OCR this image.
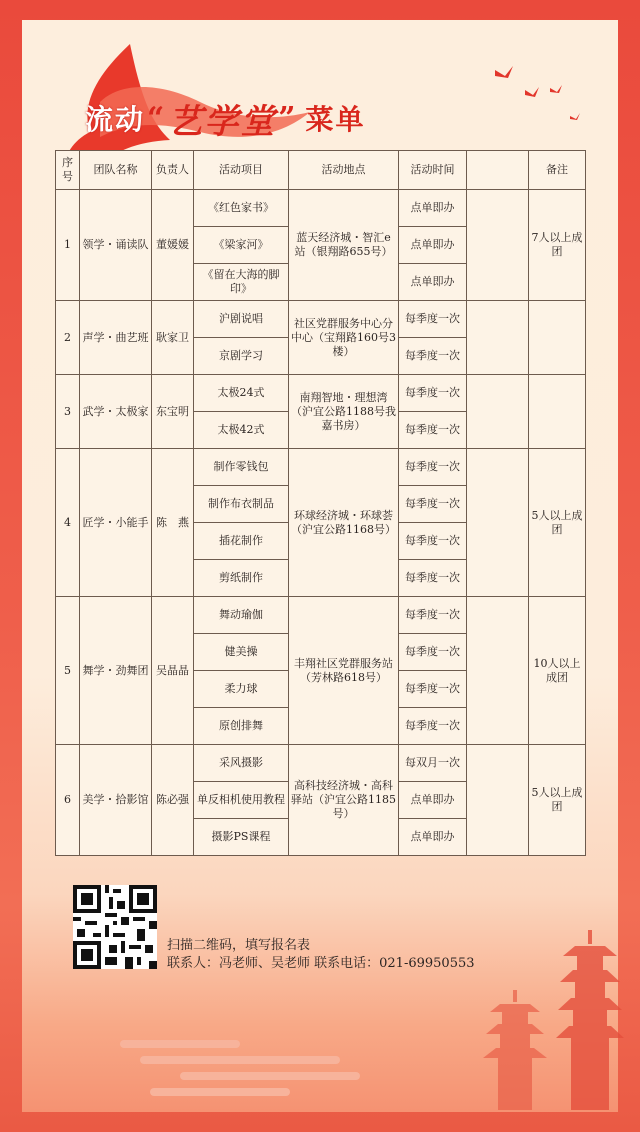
流动 “ 艺学堂 ” 菜单
序号	团队名称	负责人	活动项目	活动地点	活动时间		备注
1	领学・诵读队	董媛媛	《红色家书》	蓝天经济城・智汇e站（银翔路655号）	点单即办		7人以上成团
			《梁家河》		点单即办		
			《留在大海的脚印》		点单即办		
2	声学・曲艺班	耿家卫	沪剧说唱	社区党群服务中心分中心（宝翔路160号3楼）	每季度一次		
			京剧学习		每季度一次		
3	武学・太极家	东宝明	太极24式	南翔智地・理想湾（沪宜公路1188号我嘉书房）	每季度一次		
			太极42式		每季度一次		
4	匠学・小能手	陈　燕	制作零钱包	环球经济城・环球荟（沪宜公路1168号）	每季度一次		5人以上成团
			制作布衣制品		每季度一次		
			插花制作		每季度一次		
			剪纸制作		每季度一次		
5	舞学・劲舞团	吴晶晶	舞动瑜伽	丰翔社区党群服务站（芳林路618号）	每季度一次		10人以上成团
			健美操		每季度一次		
			柔力球		每季度一次		
			原创排舞		每季度一次		
6	美学・拾影馆	陈必强	采风摄影	高科技经济城・高科驿站（沪宜公路1185号）	每双月一次		5人以上成团
			单反相机使用教程		点单即办		
			摄影PS课程		点单即办		
扫描二维码，填写报名表
联系人：冯老师、吴老师 联系电话：021-69950553
